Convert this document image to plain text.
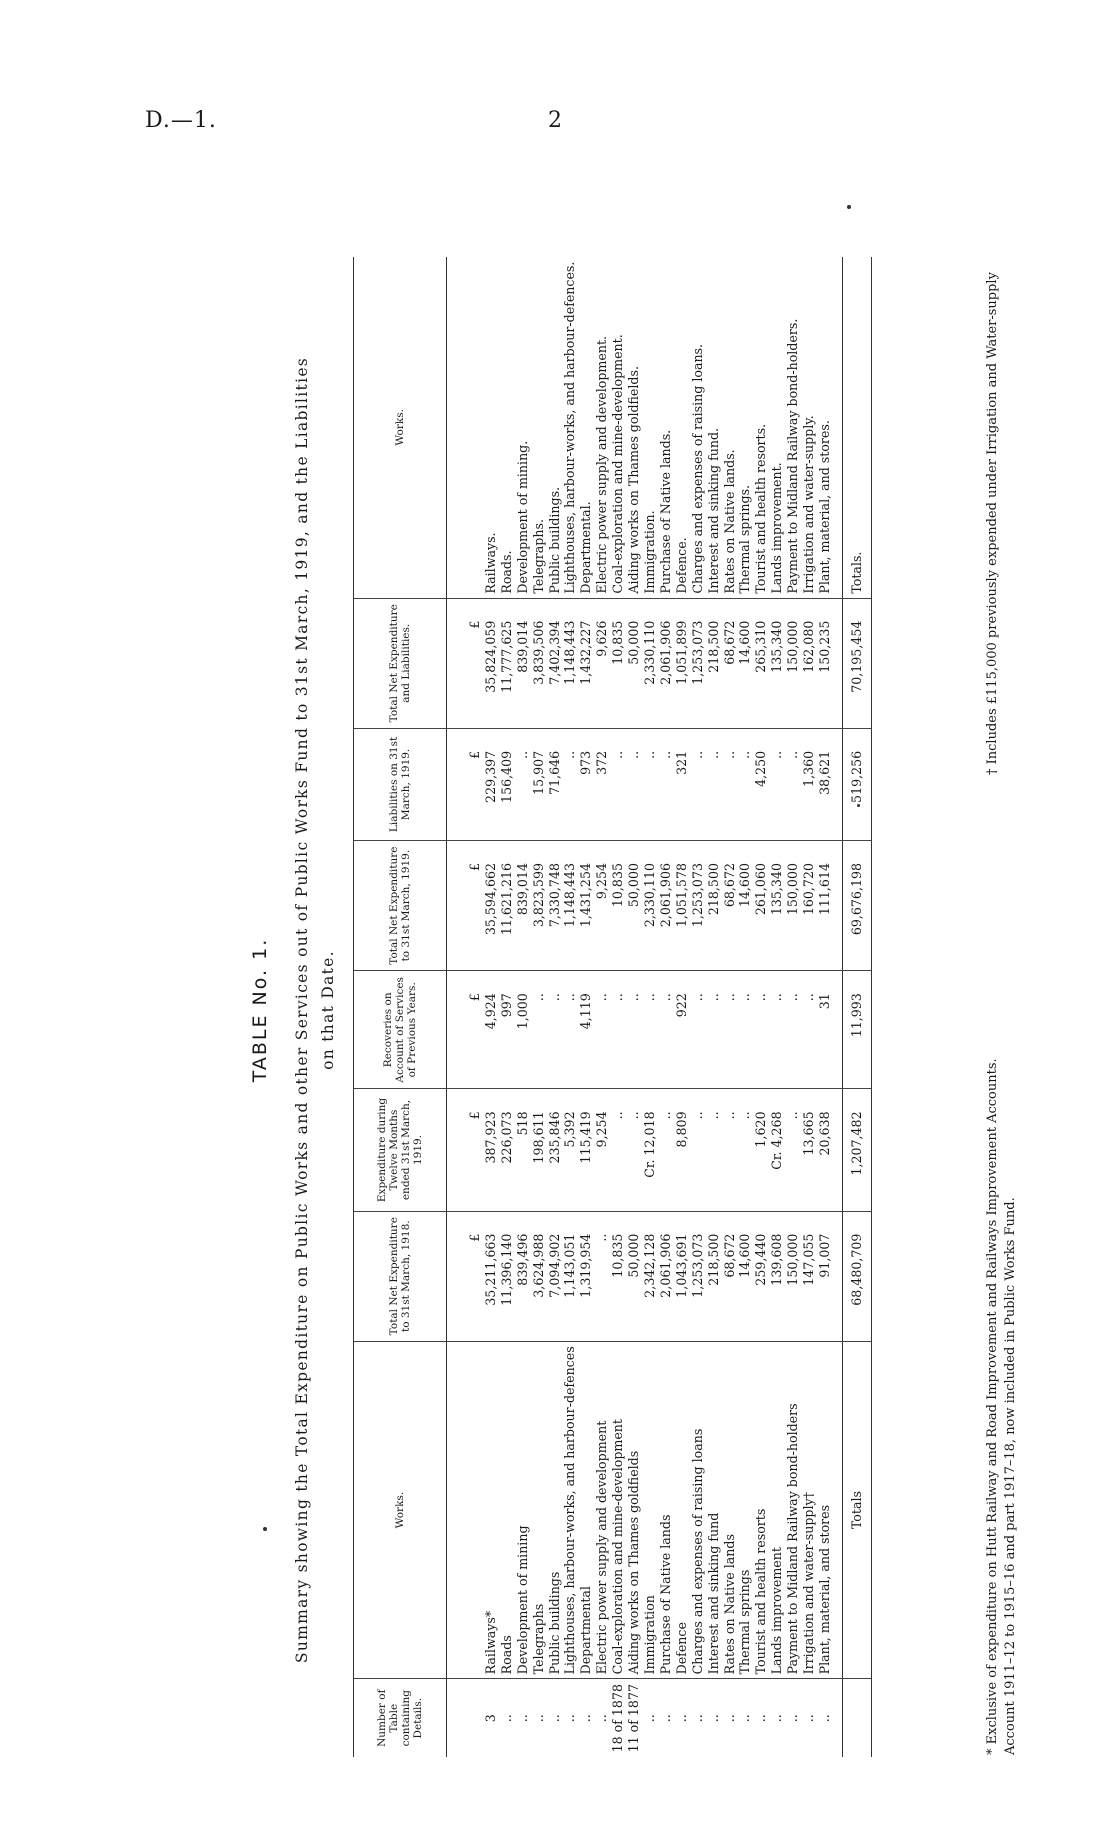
D.—1.	2
TABLE No. 1. Summary showing the Total Expenditure on Public Works and other Services out of Public Works Fund to 31st March, 1919, and the Liabilities on that Date.
Number of Table containing Details.	Works.	Total Net Expenditure to 31st March, 1918.	Expenditure during Twelve Months ended 31st March, 1919.	Recoveries on Account of Services of Previous Years.	Total Net Expenditure to 31st March, 1919.	Liabilities on 31st March, 1919.	Total Net Expenditure and Liabilities.	Works.
		£	£	£	£	£	£	
3	Railways*	35,211,663	387,923	4,924	35,594,662	229,397	35,824,059	Railways.
..	Roads	11,396,140	226,073	997	11,621,216	156,409	11,777,625	Roads.
..	Development of mining	839,496	518	1,000	839,014	..	839,014	Development of mining.
..	Telegraphs	3,624,988	198,611	..	3,823,599	15,907	3,839,506	Telegraphs.
..	Public buildings	7,094,902	235,846	..	7,330,748	71,646	7,402,394	Public buildings.
..	Lighthouses, harbour-works, and harbour-defences	1,143,051	5,392	..	1,148,443	..	1,148,443	Lighthouses, harbour-works, and harbour-defences.
..	Departmental	1,319,954	115,419	4,119	1,431,254	973	1,432,227	Departmental.
..	Electric power supply and development	..	9,254	..	9,254	372	9,626	Electric power supply and development.
18 of 1878	Coal-exploration and mine-development	10,835	..	..	10,835	..	10,835	Coal-exploration and mine-development.
11 of 1877	Aiding works on Thames goldfields	50,000	..	..	50,000	..	50,000	Aiding works on Thames goldfields.
..	Immigration	2,342,128	Cr. 12,018	..	2,330,110	..	2,330,110	Immigration.
..	Purchase of Native lands	2,061,906	..	..	2,061,906	..	2,061,906	Purchase of Native lands.
..	Defence	1,043,691	8,809	922	1,051,578	321	1,051,899	Defence.
..	Charges and expenses of raising loans	1,253,073	..	..	1,253,073	..	1,253,073	Charges and expenses of raising loans.
..	Interest and sinking fund	218,500	..	..	218,500	..	218,500	Interest and sinking fund.
..	Rates on Native lands	68,672	..	..	68,672	..	68,672	Rates on Native lands.
..	Thermal springs	14,600	..	..	14,600	..	14,600	Thermal springs.
..	Tourist and health resorts	259,440	1,620	..	261,060	4,250	265,310	Tourist and health resorts.
..	Lands improvement	139,608	Cr. 4,268	..	135,340	..	135,340	Lands improvement.
..	Payment to Midland Railway bond-holders	150,000	..	..	150,000	..	150,000	Payment to Midland Railway bond-holders.
..	Irrigation and water-supply†	147,055	13,665	..	160,720	1,360	162,080	Irrigation and water-supply.
..	Plant, material, and stores	91,007	20,638	31	111,614	38,621	150,235	Plant, material, and stores.

	Totals	68,480,709	1,207,482	11,993	69,676,198	519,256	70,195,454	Totals.
* Exclusive of expenditure on Hutt Railway and Road Improvement and Railways Improvement Accounts. Account 1911–12 to 1915–16 and part 1917–18, now included in Public Works Fund.
† Includes £115,000 previously expended under Irrigation and Water-supply
